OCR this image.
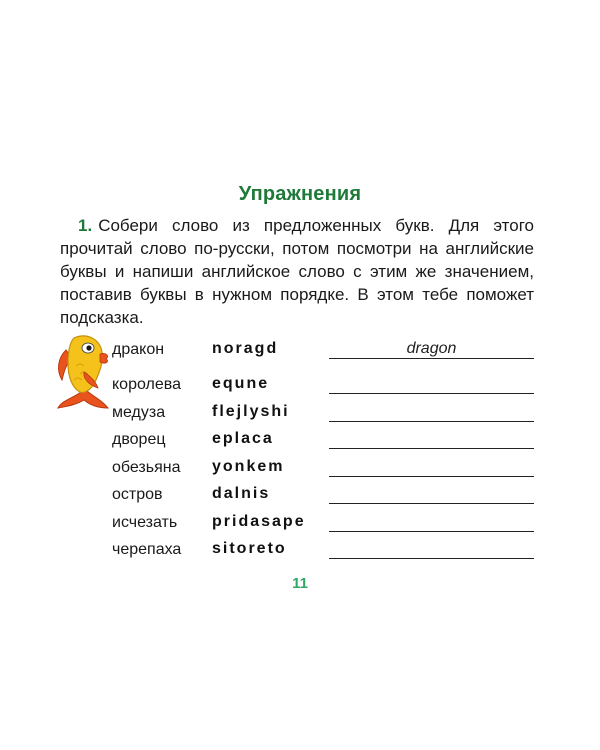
Упражнения
1. Собери слово из предложенных букв. Для этого прочитай слово по-русски, потом посмотри на английские буквы и напиши английское слово с этим же значением, поставив буквы в нужном порядке. В этом тебе поможет подсказка.
дракон	noragd	dragon
королева equne
медуза	flejlyshi
дворец	eplaca
обезьяна yonkem
остров	dalnis
исчезать pridasape
черепаха sitoreto
11
